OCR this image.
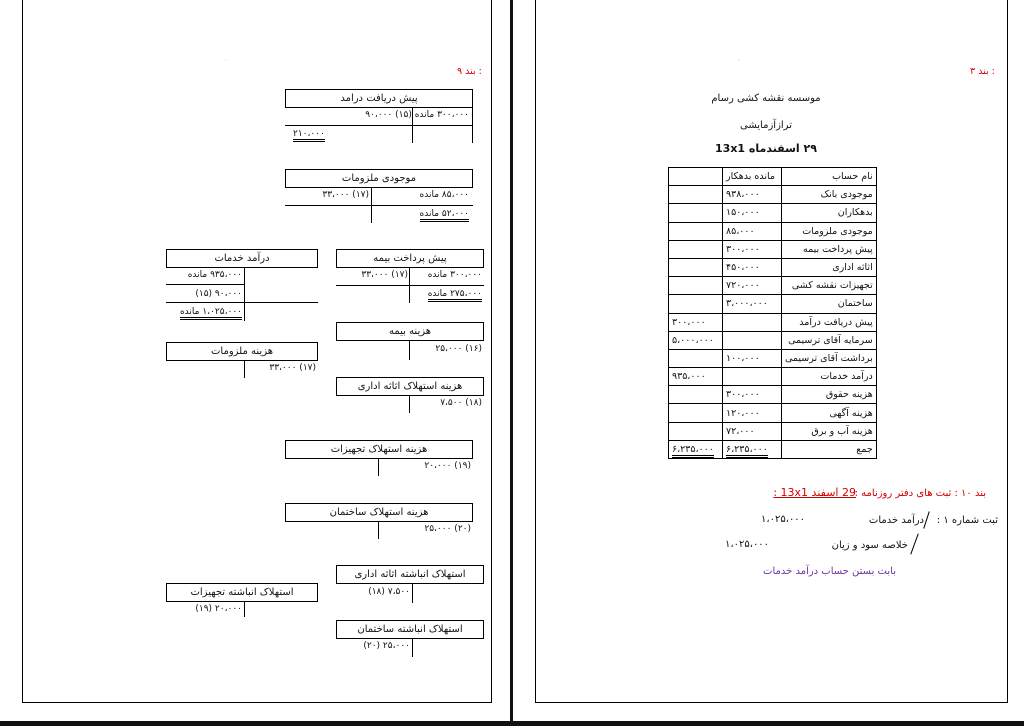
بند ۹ :
·
پیش دریافت درامد
۳۰۰،۰۰۰ مانده (۱۵) ۹۰،۰۰۰
۲۱۰،۰۰۰
موجودی ملزومات
۸۵،۰۰۰ مانده
(۱۷) ۳۳،۰۰۰
۵۲،۰۰۰ مانده
پیش پرداخت بیمه
۳۰۰،۰۰۰ مانده
(۱۷) ۳۳،۰۰۰
۲۷۵،۰۰۰ مانده
درآمد خدمات
۹۳۵،۰۰۰ مانده
۹۰،۰۰۰ (۱۵)
۱،۰۲۵،۰۰۰ مانده
هزینه بیمه
(۱۶) ۲۵،۰۰۰
هزینه ملزومات
(۱۷) ۳۳،۰۰۰
هزینه استهلاک اثاثه اداری
(۱۸) ۷،۵۰۰
هزینه استهلاک تجهیزات
(۱۹) ۲۰،۰۰۰
هزینه استهلاک ساختمان
(۲۰) ۲۵،۰۰۰
استهلاک انباشته اثاثه اداری
۷،۵۰۰ (۱۸)
استهلاک انباشته تجهیزات
۲۰،۰۰۰ (۱۹)
استهلاک انباشته ساختمان
۲۵،۰۰۰ (۲۰)
بند ۳ :
·
موسسه نقشه کشی رسام
ترازآزمایشی
۲۹ اسفندماه 13x1
نام حساب	مانده بدهکار	
موجودی بانک	۹۳۸،۰۰۰	
بدهکاران	۱۵۰،۰۰۰	
موجودی ملزومات	۸۵،۰۰۰	
پیش پرداخت بیمه	۳۰۰،۰۰۰	
اثاثه اداری	۴۵۰،۰۰۰	
تجهیزات نقشه کشی	۷۲۰،۰۰۰	
ساختمان	۳،۰۰۰،۰۰۰	
پیش دریافت درآمد		۳۰۰،۰۰۰
سرمایه آقای ترسیمی		۵،۰۰۰،۰۰۰
برداشت آقای ترسیمی	۱۰۰،۰۰۰	
درآمد خدمات		۹۳۵،۰۰۰
هزینه حقوق	۳۰۰،۰۰۰	
هزینه آگهی	۱۲۰،۰۰۰	
هزینه آب و برق	۷۲،۰۰۰	
جمع	۶،۲۳۵،۰۰۰	۶،۲۳۵،۰۰۰
بند ۱۰ : ثبت های دفتر روزنامه :
29 اسفند 13x1 :
ثبت شماره ۱ :
درآمد خدمات
۱،۰۲۵،۰۰۰
خلاصه سود و زیان
۱،۰۲۵،۰۰۰
بابت بستن حساب درآمد خدمات
